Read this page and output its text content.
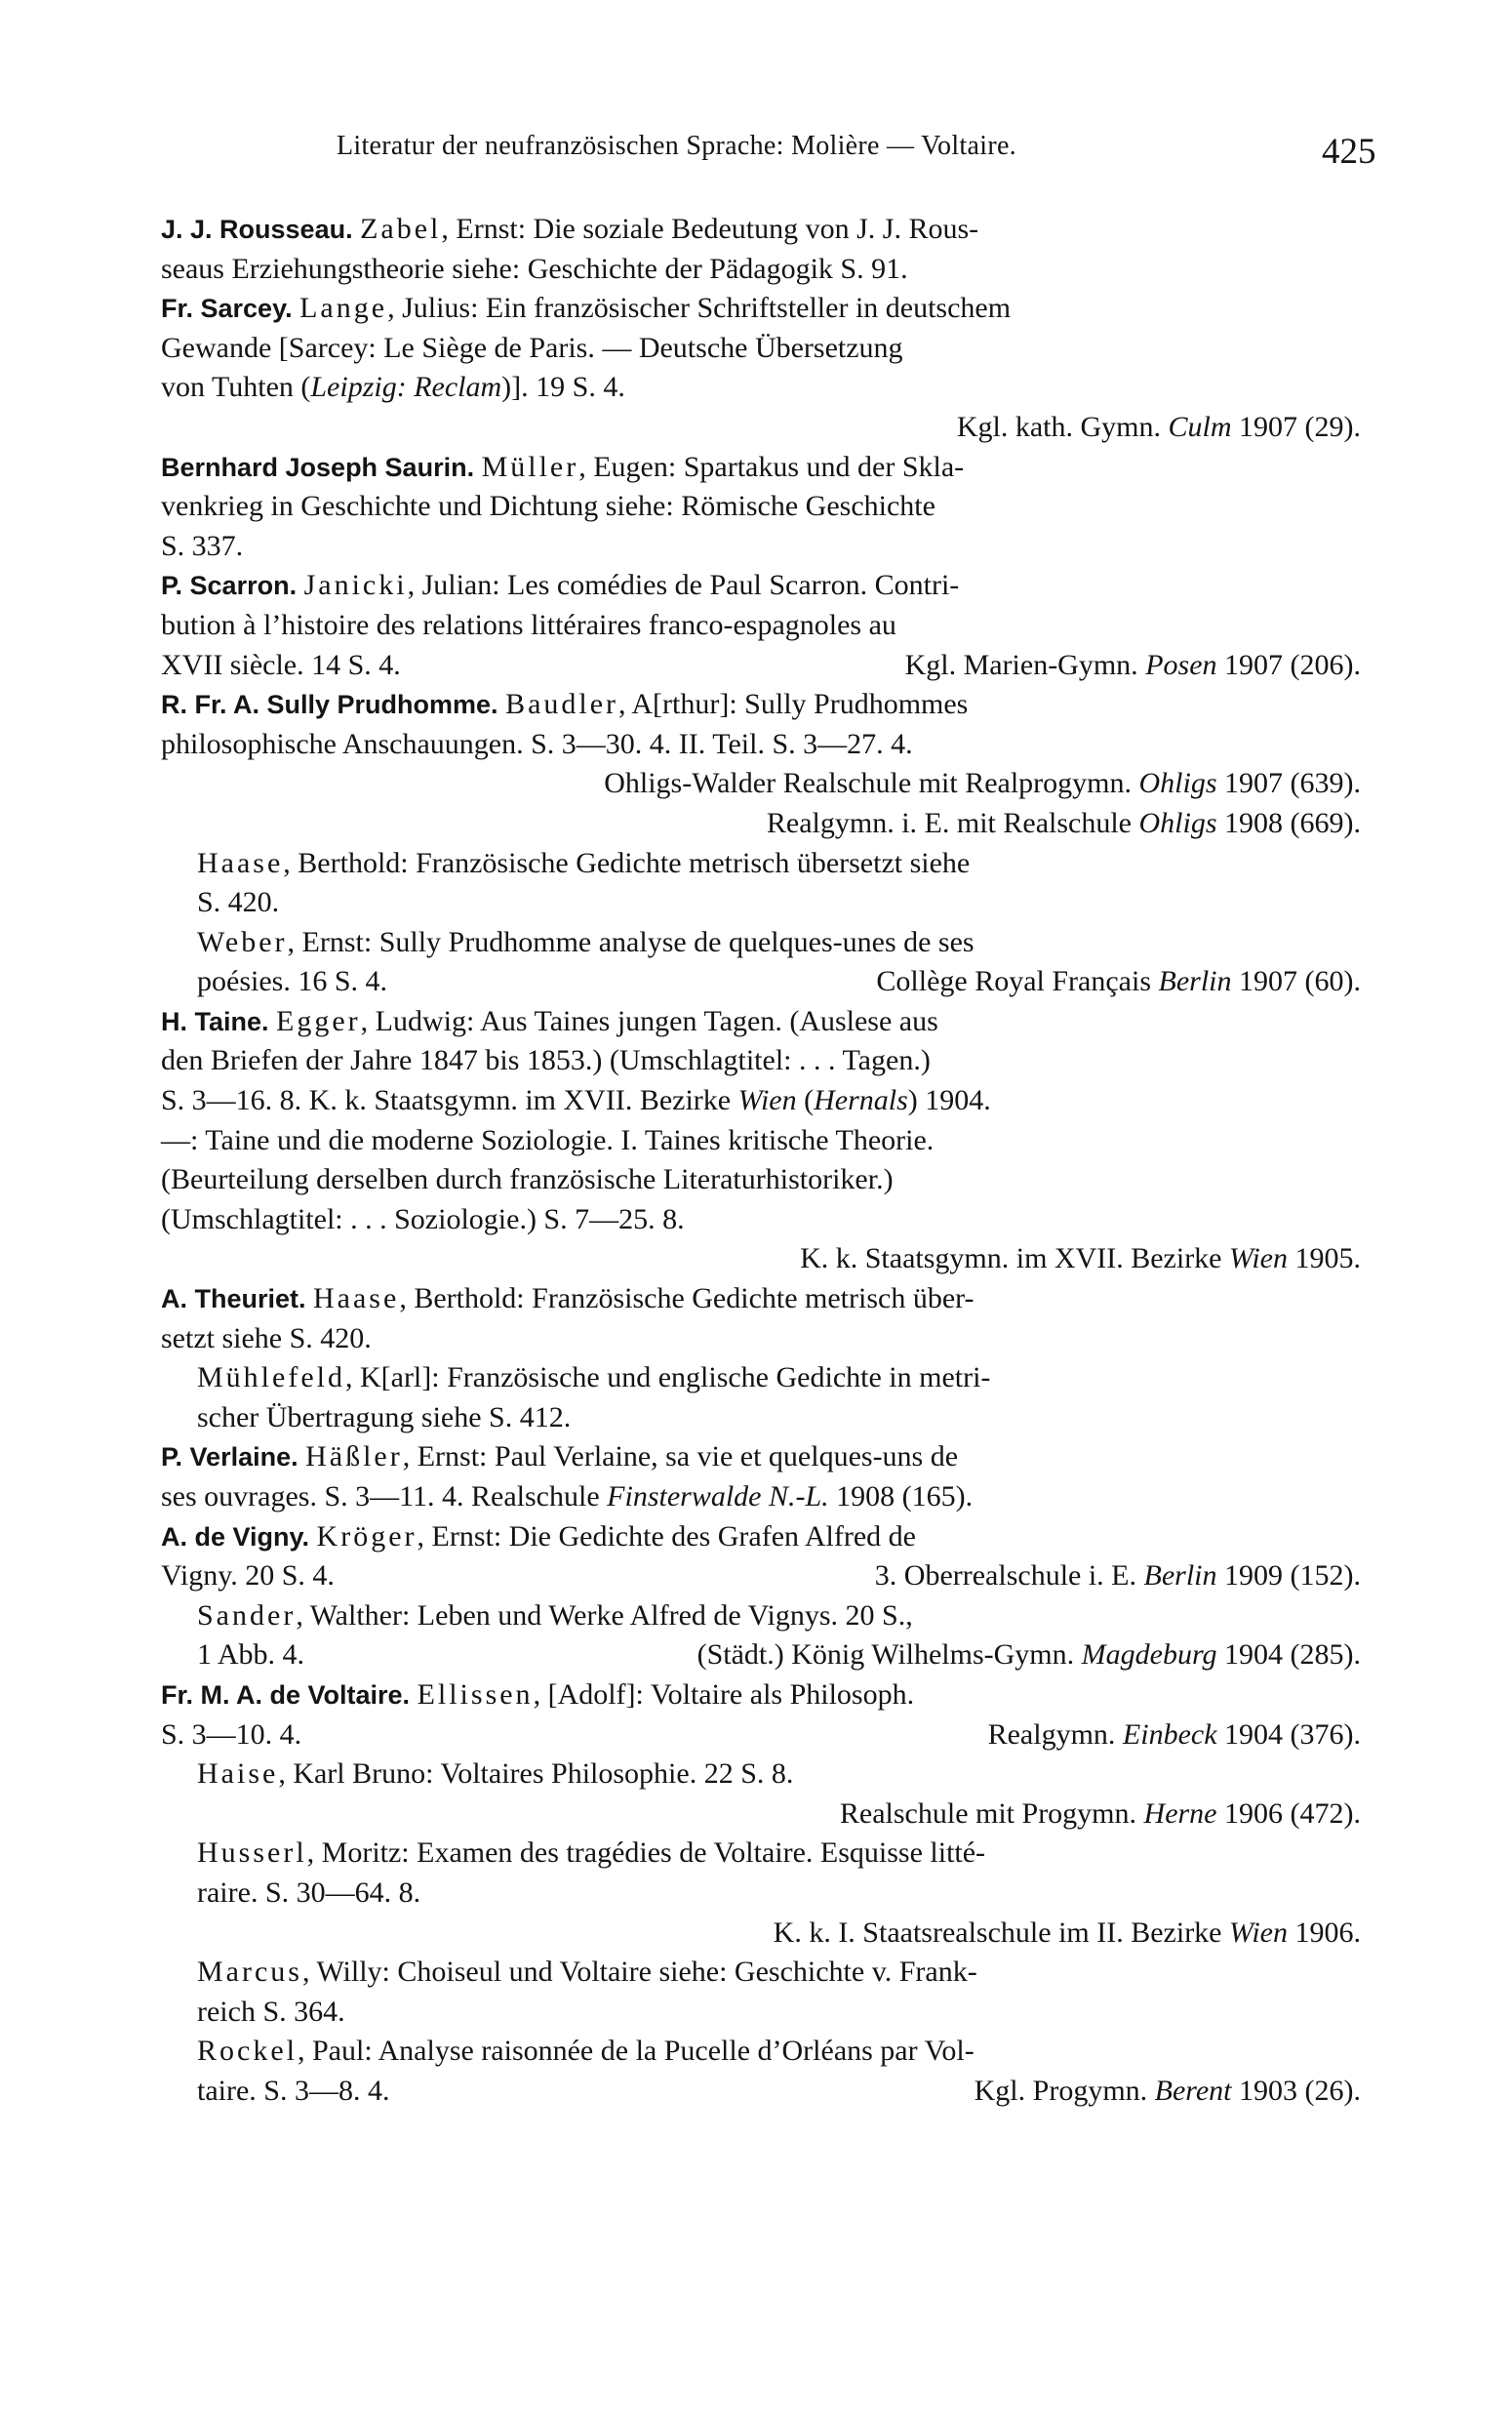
Literatur der neufranzösischen Sprache: Molière — Voltaire.	425

J. J. Rousseau. Zabel, Ernst: Die soziale Bedeutung von J. J. Rous-
seaus Erziehungstheorie siehe: Geschichte der Pädagogik S. 91.

Fr. Sarcey. Lange, Julius: Ein französischer Schriftsteller in deutschem
Gewande [Sarcey: Le Siège de Paris. — Deutsche Übersetzung
von Tuhten (Leipzig: Reclam)]. 19 S. 4.
Kgl. kath. Gymn. Culm 1907 (29).

Bernhard Joseph Saurin. Müller, Eugen: Spartakus und der Skla-
venkrieg in Geschichte und Dichtung siehe: Römische Geschichte
S. 337.

P. Scarron. Janicki, Julian: Les comédies de Paul Scarron. Contri-
bution à l’histoire des relations littéraires franco-espagnoles au
XVII siècle. 14 S. 4.	Kgl. Marien-Gymn. Posen 1907 (206).

R. Fr. A. Sully Prudhomme. Baudler, A[rthur]: Sully Prudhommes
philosophische Anschauungen. S. 3—30. 4. II. Teil. S. 3—27. 4.
Ohligs-Walder Realschule mit Realprogymn. Ohligs 1907 (639).
Realgymn. i. E. mit Realschule Ohligs 1908 (669).

Haase, Berthold: Französische Gedichte metrisch übersetzt siehe
S. 420.

Weber, Ernst: Sully Prudhomme analyse de quelques-unes de ses
poésies. 16 S. 4.	Collège Royal Français Berlin 1907 (60).

H. Taine. Egger, Ludwig: Aus Taines jungen Tagen. (Auslese aus
den Briefen der Jahre 1847 bis 1853.) (Umschlagtitel: . . . Tagen.)
S. 3—16. 8. K. k. Staatsgymn. im XVII. Bezirke Wien (Hernals) 1904.
—: Taine und die moderne Soziologie. I. Taines kritische Theorie.
(Beurteilung derselben durch französische Literaturhistoriker.)
(Umschlagtitel: . . . Soziologie.) S. 7—25. 8.
K. k. Staatsgymn. im XVII. Bezirke Wien 1905.

A. Theuriet. Haase, Berthold: Französische Gedichte metrisch über-
setzt siehe S. 420.

Mühlefeld, K[arl]: Französische und englische Gedichte in metri-
scher Übertragung siehe S. 412.

P. Verlaine. Häßler, Ernst: Paul Verlaine, sa vie et quelques-uns de
ses ouvrages. S. 3—11. 4. Realschule Finsterwalde N.-L. 1908 (165).

A. de Vigny. Kröger, Ernst: Die Gedichte des Grafen Alfred de
Vigny. 20 S. 4.	3. Oberrealschule i. E. Berlin 1909 (152).

Sander, Walther: Leben und Werke Alfred de Vignys. 20 S.,
1 Abb. 4.	(Städt.) König Wilhelms-Gymn. Magdeburg 1904 (285).

Fr. M. A. de Voltaire. Ellissen, [Adolf]: Voltaire als Philosoph.
S. 3—10. 4.	Realgymn. Einbeck 1904 (376).

Haise, Karl Bruno: Voltaires Philosophie. 22 S. 8.
Realschule mit Progymn. Herne 1906 (472).

Husserl, Moritz: Examen des tragédies de Voltaire. Esquisse litté-
raire. S. 30—64. 8.
K. k. I. Staatsrealschule im II. Bezirke Wien 1906.

Marcus, Willy: Choiseul und Voltaire siehe: Geschichte v. Frank-
reich S. 364.

Rockel, Paul: Analyse raisonnée de la Pucelle d’Orléans par Vol-
taire. S. 3—8. 4.	Kgl. Progymn. Berent 1903 (26).
